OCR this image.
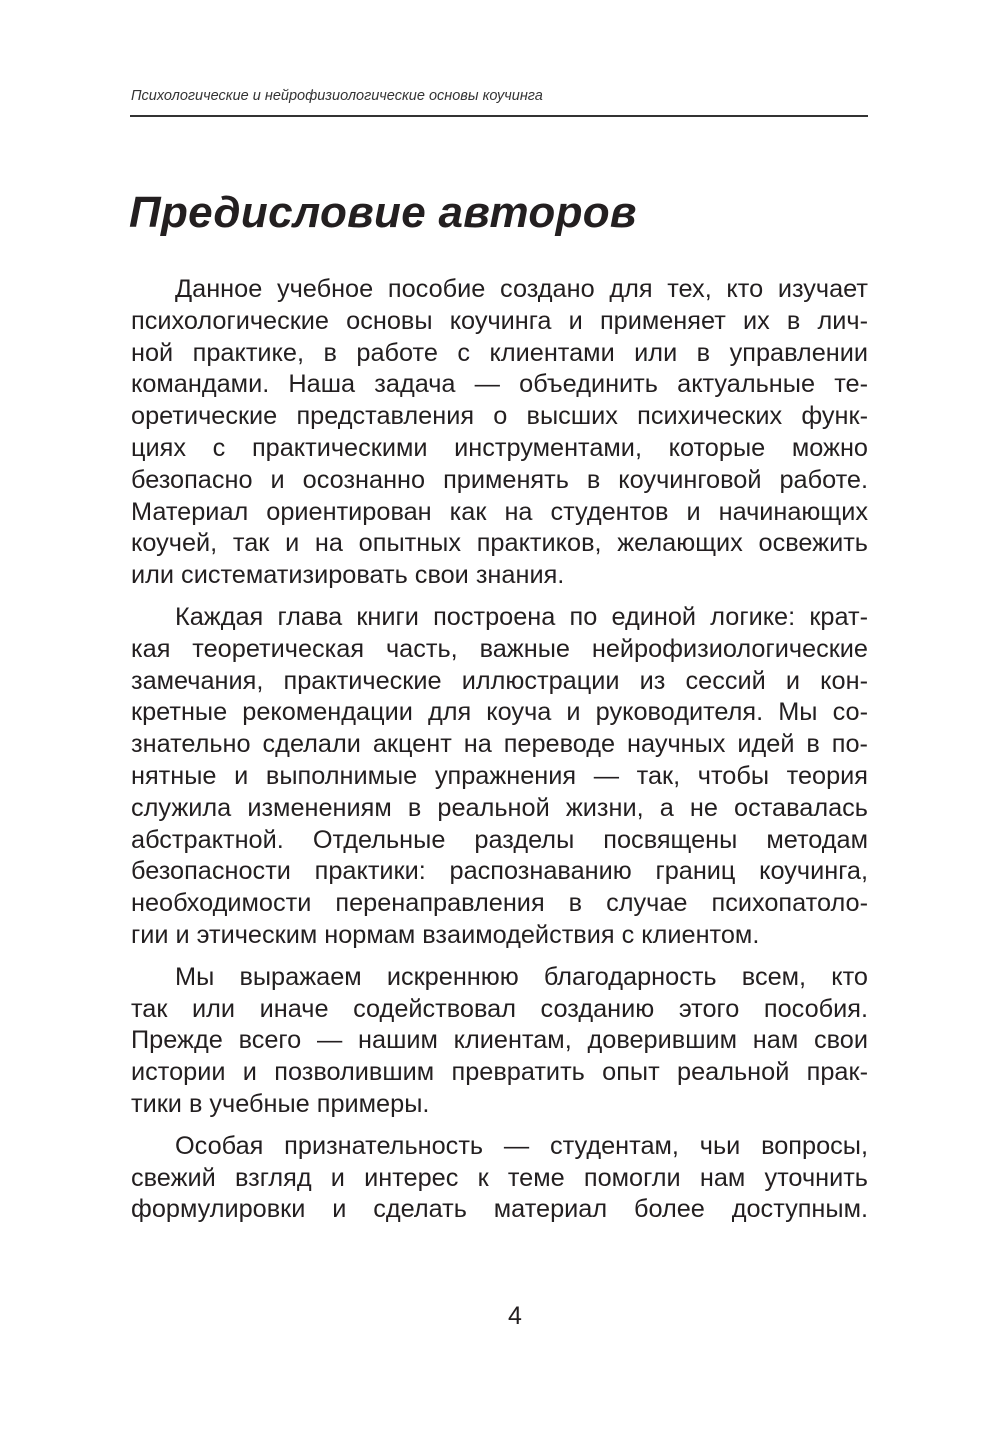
Психологические и нейрофизиологические основы коучинга
Предисловие авторов
Данное учебное пособие создано для тех, кто изучает
психологические основы коучинга и применяет их в лич-
ной практике, в работе с клиентами или в управлении
командами. Наша задача — объединить актуальные те-
оретические представления о высших психических функ-
циях с практическими инструментами, которые можно
безопасно и осознанно применять в коучинговой работе.
Материал ориентирован как на студентов и начинающих
коучей, так и на опытных практиков, желающих освежить
или систематизировать свои знания.
Каждая глава книги построена по единой логике: крат-
кая теоретическая часть, важные нейрофизиологические
замечания, практические иллюстрации из сессий и кон-
кретные рекомендации для коуча и руководителя. Мы со-
знательно сделали акцент на переводе научных идей в по-
нятные и выполнимые упражнения — так, чтобы теория
служила изменениям в реальной жизни, а не оставалась
абстрактной. Отдельные разделы посвящены методам
безопасности практики: распознаванию границ коучинга,
необходимости перенаправления в случае психопатоло-
гии и этическим нормам взаимодействия с клиентом.
Мы выражаем искреннюю благодарность всем, кто
так или иначе содействовал созданию этого пособия.
Прежде всего — нашим клиентам, доверившим нам свои
истории и позволившим превратить опыт реальной прак-
тики в учебные примеры.
Особая признательность — студентам, чьи вопросы,
свежий взгляд и интерес к теме помогли нам уточнить
формулировки и сделать материал более доступным.
4
